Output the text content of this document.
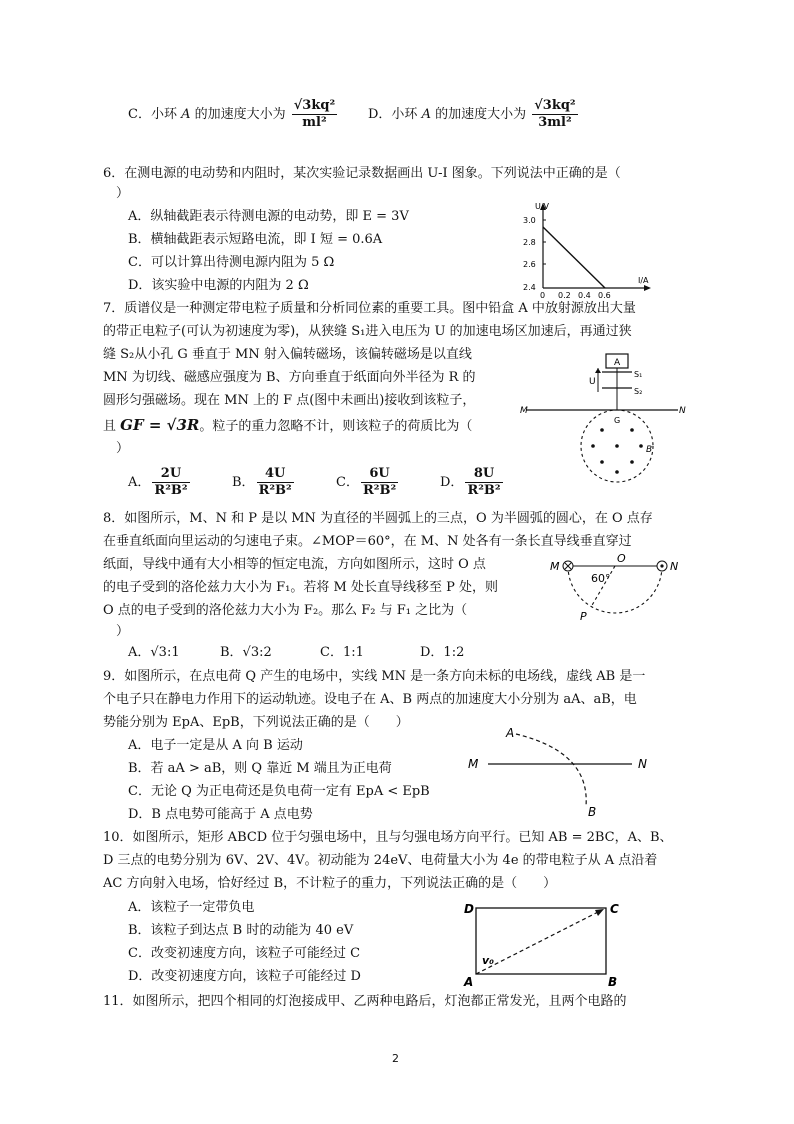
C．小环 A 的加速度大小为 $\frac{\text{√3kq²}}{\text{ml²}}$ D．小环 A 的加速度大小为 $\frac{\text{√3kq²}}{\text{3ml²}}$
6．在测电源的电动势和内阻时，某次实验记录数据画出 U-I 图象。下列说法中正确的是（
）
A．纵轴截距表示待测电源的电动势，即 E = 3V
B．横轴截距表示短路电流，即 I 短 = 0.6A
C．可以计算出待测电源内阻为 5 Ω
D．该实验中电源的内阻为 2 Ω
U/V
I/A
3.0
2.8
2.6
2.4
0 0.2 0.4 0.6
7．质谱仪是一种测定带电粒子质量和分析同位素的重要工具。图中铅盒 A 中放射源放出大量
的带正电粒子(可认为初速度为零)，从狭缝 S₁进入电压为 U 的加速电场区加速后，再通过狭
缝 S₂从小孔 G 垂直于 MN 射入偏转磁场，该偏转磁场是以直线
MN 为切线、磁感应强度为 B、方向垂直于纸面向外半径为 R 的
圆形匀强磁场。现在 MN 上的 F 点(图中未画出)接收到该粒子，
且 GF = √3R。粒子的重力忽略不计，则该粒子的荷质比为（
）
A． $\frac{2U}{\text{R²B²}}$	B． $\frac{4U}{\text{R²B²}}$	C． $\frac{6U}{\text{R²B²}}$	D． $\frac{8U}{\text{R²B²}}$
A
U
S₁
S₂
M	N
G
B
8．如图所示，M、N 和 P 是以 MN 为直径的半圆弧上的三点，O 为半圆弧的圆心，在 O 点存
在垂直纸面向里运动的匀速电子束。∠MOP＝60°，在 M、N 处各有一条长直导线垂直穿过
纸面，导线中通有大小相等的恒定电流，方向如图所示，这时 O 点
的电子受到的洛伦兹力大小为 F₁。若将 M 处长直导线移至 P 处，则
O 点的电子受到的洛伦兹力大小为 F₂。那么 F₂ 与 F₁ 之比为（
）
A．√3:1	B．√3:2	C．1:1	D．1:2
M	N
O
P
60°
9．如图所示，在点电荷 Q 产生的电场中，实线 MN 是一条方向未标的电场线，虚线 AB 是一
个电子只在静电力作用下的运动轨迹。设电子在 A、B 两点的加速度大小分别为 aA、aB，电
势能分别为 EpA、EpB，下列说法正确的是（　　）
A．电子一定是从 A 向 B 运动
B．若 aA > aB，则 Q 靠近 M 端且为正电荷
C．无论 Q 为正电荷还是负电荷一定有 EpA < EpB
D．B 点电势可能高于 A 点电势
A
B
M	N
10．如图所示，矩形 ABCD 位于匀强电场中，且与匀强电场方向平行。已知 AB = 2BC，A、B、
D 三点的电势分别为 6V、2V、4V。初动能为 24eV、电荷量大小为 4e 的带电粒子从 A 点沿着
AC 方向射入电场，恰好经过 B，不计粒子的重力，下列说法正确的是（　　）
A．该粒子一定带负电
B．该粒子到达点 B 时的动能为 40 eV
C．改变初速度方向，该粒子可能经过 C
D．改变初速度方向，该粒子可能经过 D
D	C
A	B
v₀
11．如图所示，把四个相同的灯泡接成甲、乙两种电路后，灯泡都正常发光，且两个电路的
2
